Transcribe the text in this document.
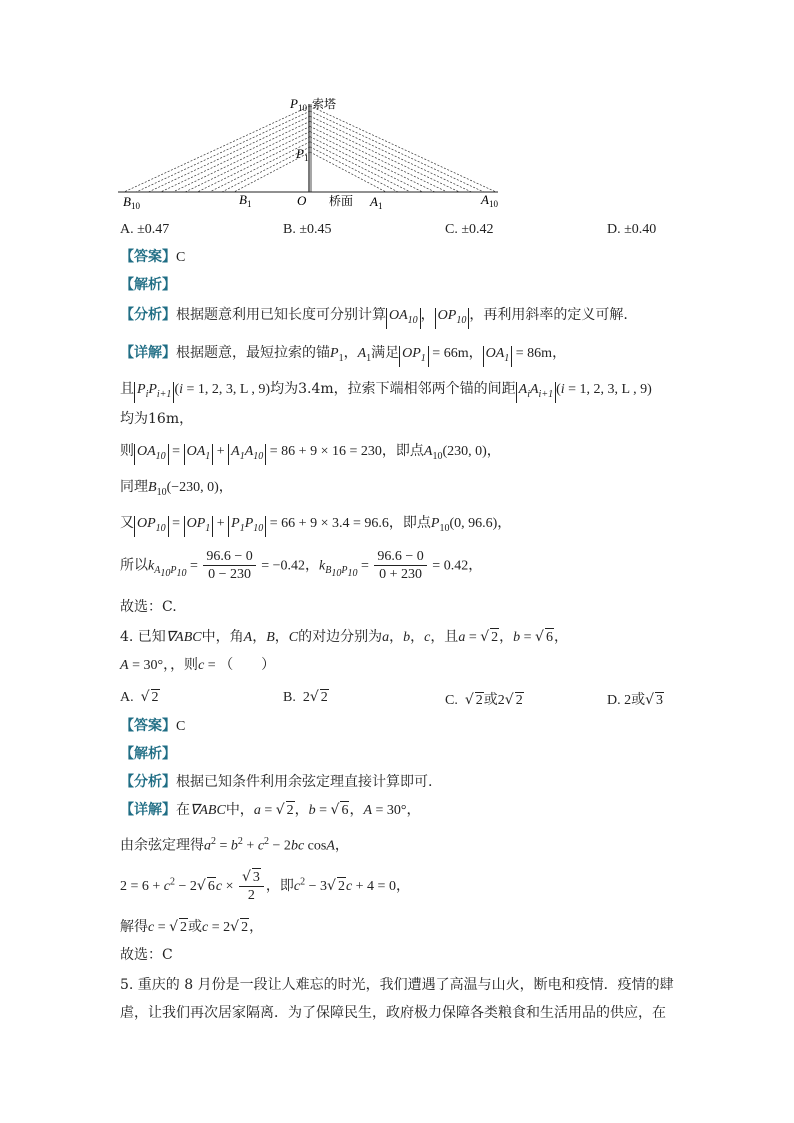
$P_{10}$ 索塔
$P_1$
O 桥面
$B_{10}$	$B_1$	$A_1$	$A_{10}$
A. ±0.47	B. ±0.45	C. ±0.42	D. ±0.40
【答案】C
【解析】
【分析】根据题意利用已知长度可分别计算 $OA_{10}$ ， $OP_{10}$ ，再利用斜率的定义可解.
【详解】根据题意，最短拉索的锚$P_1$，$A_1$满足 $OP_1 = 66m$， $OA_1 = 86m$，
且 $P_iP_{i+1}$ (i = 1, 2, 3, L , 9)均为3.4m，拉索下端相邻两个锚的间距 $A_iA_{i+1}$ (i = 1, 2, 3, L , 9)
均为16m，
则 $OA_{10} = OA_1 + A_1A_{10} = 86 + 9 \times 16 = 230$，即点$A_{10}(230$, 0)，
同理$B_{10}(-230$, 0)，
又 $OP_{10} = OP_1 + P_1P_{10} = 66 + 9 \times 3.4 = 96.6$，即点$P_{10}(0$, 96.6)，
所以$k_{A_{10}P_{10}} = \frac{96.6 - 0}{0 - 230} = -0.42$，$k_{B_{10}P_{10}} = \frac{96.6 - 0}{0 + 230} = 0.42$，
故选：C.
4. 已知∇ABC中，角A，B，C的对边分别为a，b，c，且a = √ 2，b = √ 6，
A = 30°，，则c = （　　）
A. √ 2	B.  2√ 2	C. √ 2或2√ 2	D. 2或√ 3
【答案】C
【解析】
【分析】根据已知条件利用余弦定理直接计算即可.
【详解】在∇ABC中，a = √ 2，b = √ 6，A = 30°，
由余弦定理得$a^2 = b^2 + c^2 - 2bc$ cosA，
$2 = 6 + c^2 - 2√$ $6c \times \frac{√ 3}{2}$ ，即$c^2 - 3√$ 2c + 4 = 0，
解得c = √ 2或c = 2√ 2，
故选：C
5. 重庆的 8 月份是一段让人难忘的时光，我们遭遇了高温与山火，断电和疫情．疫情的肆
虐，让我们再次居家隔离．为了保障民生，政府极力保障各类粮食和生活用品的供应，在
